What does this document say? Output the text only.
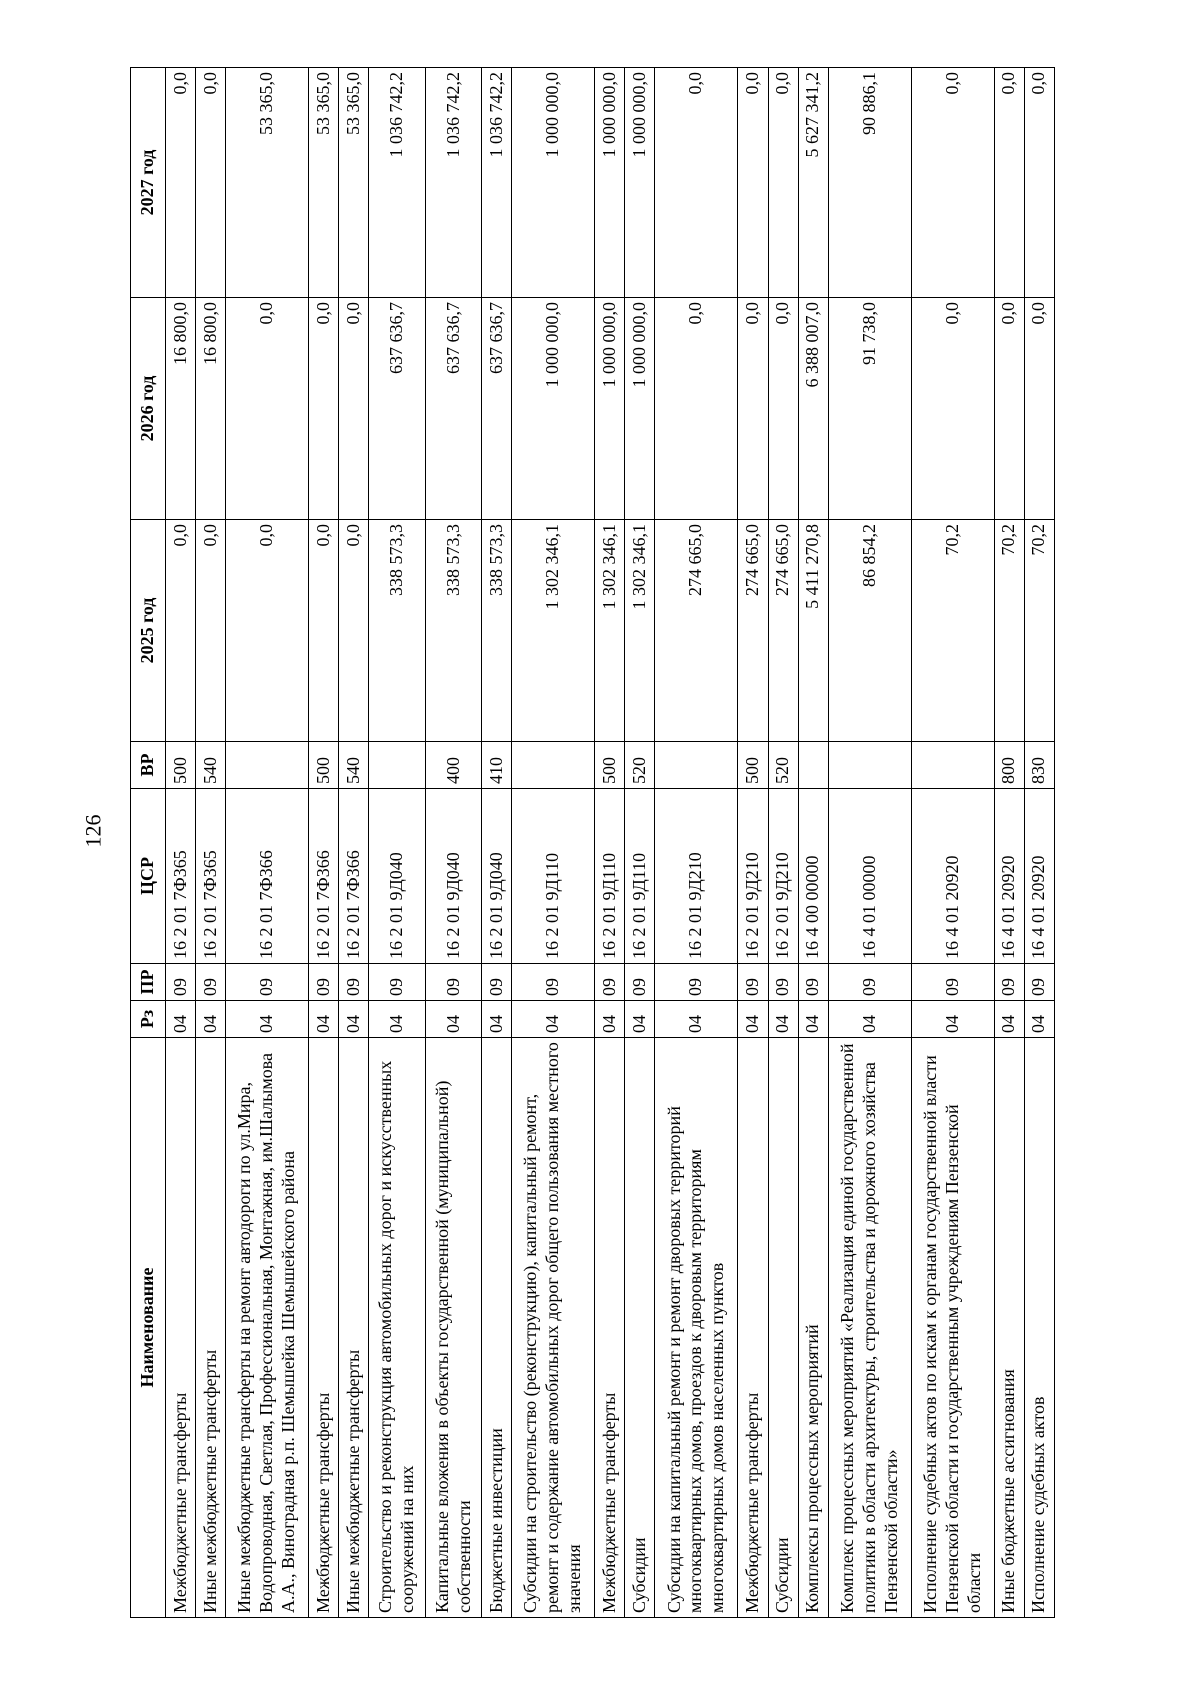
126
Наименование	Рз	ПР	ЦСР	ВР	2025 год	2026 год	2027 год
Межбюджетные трансферты	04	09	16 2 01 7Ф365	500	0,0	16 800,0	0,0
Иные межбюджетные трансферты	04	09	16 2 01 7Ф365	540	0,0	16 800,0	0,0
Иные межбюджетные трансферты на ремонт автодороги по ул.Мира, Водопроводная, Светлая, Профессиональная, Монтажная, им.Шалымова А.А., Виноградная р.п. Шемышейка Шемышейского района	04	09	16 2 01 7Ф366		0,0	0,0	53 365,0
Межбюджетные трансферты	04	09	16 2 01 7Ф366	500	0,0	0,0	53 365,0
Иные межбюджетные трансферты	04	09	16 2 01 7Ф366	540	0,0	0,0	53 365,0
Строительство и реконструкция автомобильных дорог и искусственных сооружений на них	04	09	16 2 01 9Д040		338 573,3	637 636,7	1 036 742,2
Капитальные вложения в объекты государственной (муниципальной) собственности	04	09	16 2 01 9Д040	400	338 573,3	637 636,7	1 036 742,2
Бюджетные инвестиции	04	09	16 2 01 9Д040	410	338 573,3	637 636,7	1 036 742,2
Субсидии на строительство (реконструкцию), капитальный ремонт, ремонт и содержание автомобильных дорог общего пользования местного значения	04	09	16 2 01 9Д110		1 302 346,1	1 000 000,0	1 000 000,0
Межбюджетные трансферты	04	09	16 2 01 9Д110	500	1 302 346,1	1 000 000,0	1 000 000,0
Субсидии	04	09	16 2 01 9Д110	520	1 302 346,1	1 000 000,0	1 000 000,0
Субсидии на капитальный ремонт и ремонт дворовых территорий многоквартирных домов, проездов к дворовым территориям многоквартирных домов населенных пунктов	04	09	16 2 01 9Д210		274 665,0	0,0	0,0
Межбюджетные трансферты	04	09	16 2 01 9Д210	500	274 665,0	0,0	0,0
Субсидии	04	09	16 2 01 9Д210	520	274 665,0	0,0	0,0
Комплексы процессных мероприятий	04	09	16 4 00 00000		5 411 270,8	6 388 007,0	5 627 341,2
Комплекс процессных мероприятий «Реализация единой государственной политики в области архитектуры, строительства и дорожного хозяйства Пензенской области»	04	09	16 4 01 00000		86 854,2	91 738,0	90 886,1
Исполнение судебных актов по искам к органам государственной власти Пензенской области и государственным учреждениям Пензенской области	04	09	16 4 01 20920		70,2	0,0	0,0
Иные бюджетные ассигнования	04	09	16 4 01 20920	800	70,2	0,0	0,0
Исполнение судебных актов	04	09	16 4 01 20920	830	70,2	0,0	0,0
